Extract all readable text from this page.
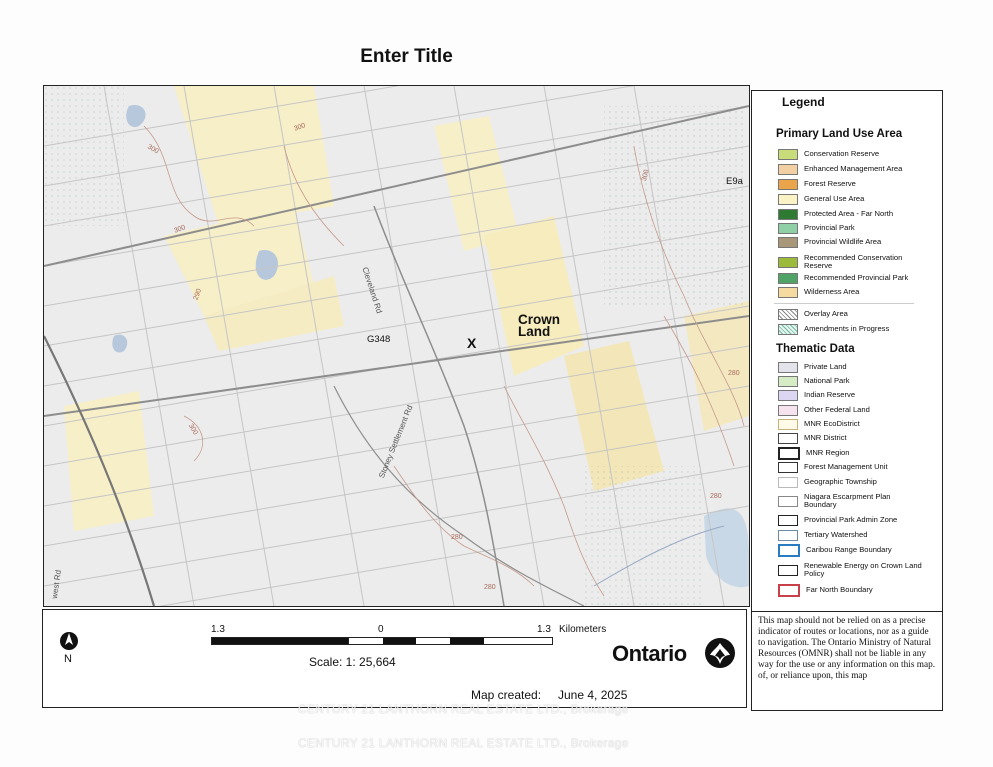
Enter Title
E9a
Crown
Land
X
G348
Cleveland Rd
Stoney Settlement Rd
west Rd
300
300
300
300
300
290
280
280
280
280
Legend
Primary Land Use Area
Conservation Reserve
Enhanced Management Area
Forest Reserve
General Use Area
Protected Area - Far North
Provincial Park
Provincial Wildlife Area
Recommended Conservation Reserve
Recommended Provincial Park
Wilderness Area
Overlay Area
Amendments in Progress
Thematic Data
Private Land
National Park
Indian Reserve
Other Federal Land
MNR EcoDistrict
MNR District
MNR Region
Forest Management Unit
Geographic Township
Niagara Escarpment Plan Boundary
Provincial Park Admin Zone
Tertiary Watershed
Caribou Range Boundary
Renewable Energy on Crown Land Policy
Far North Boundary
N
1.3	0	1.3 Kilometers
Scale: 1: 25,664	Ontario
Map created: June 4, 2025

This map should not be relied on as a precise indicator of routes or locations, nor as a guide to navigation. The Ontario Ministry of Natural Resources (OMNR) shall not be liable in any way for the use or any information on this map. of, or reliance upon, this map

CENTURY 21 LANTHORN REAL ESTATE LTD., Brokerage
CENTURY 21 LANTHORN REAL ESTATE LTD., Brokerage
